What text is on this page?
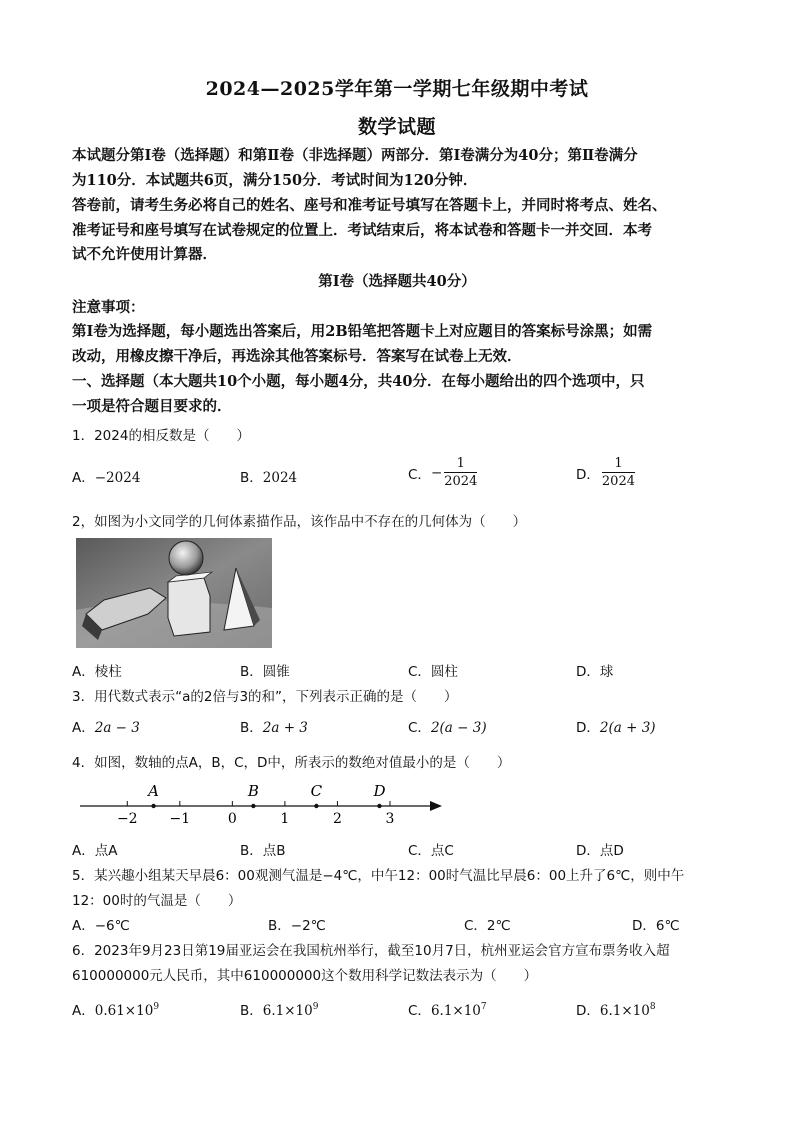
2024—2025学年第一学期七年级期中考试
数学试题
本试题分第Ⅰ卷（选择题）和第Ⅱ卷（非选择题）两部分．第Ⅰ卷满分为40分；第Ⅱ卷满分
为110分．本试题共6页，满分150分．考试时间为120分钟．
答卷前，请考生务必将自己的姓名、座号和准考证号填写在答题卡上，并同时将考点、姓名、
准考证号和座号填写在试卷规定的位置上．考试结束后，将本试卷和答题卡一并交回．本考
试不允许使用计算器．
第Ⅰ卷（选择题共40分）
注意事项：
第Ⅰ卷为选择题，每小题选出答案后，用2B铅笔把答题卡上对应题目的答案标号涂黑；如需
改动，用橡皮擦干净后，再选涂其他答案标号．答案写在试卷上无效．
一、选择题（本大题共10个小题，每小题4分，共40分．在每小题给出的四个选项中，只
一项是符合题目要求的．
1．2024的相反数是（　　）
A．−2024	B．2024	C．− $\frac{1}{2024}$	D． $\frac{1}{2024}$
2，如图为小文同学的几何体素描作品，该作品中不存在的几何体为（　　）
A．棱柱	B．圆锥	C．圆柱	D．球
3．用代数式表示“a的2倍与3的和”，下列表示正确的是（　　）
A．2a − 3	B．2a + 3	C．2(a − 3)	D．2(a + 3)
4．如图，数轴的点A，B，C，D中，所表示的数绝对值最小的是（　　）
−2 −1	0	1	2	3
A	B	C	D
A．点A	B．点B	C．点C	D．点D
5．某兴趣小组某天早晨6：00观测气温是−4℃，中午12：00时气温比早晨6：00上升了6℃，则中午
12：00时的气温是（　　）
A．−6℃	B．−2℃	C．2℃	D．6℃
6．2023年9月23日第19届亚运会在我国杭州举行，截至10月7日，杭州亚运会官方宣布票务收入超
610000000元人民币，其中610000000这个数用科学记数法表示为（　　）
A．$0.61\times 10^9$	B．$6.1\times 10^9$	C．$6.1\times 10^7$	D．$6.1\times 10^8$
